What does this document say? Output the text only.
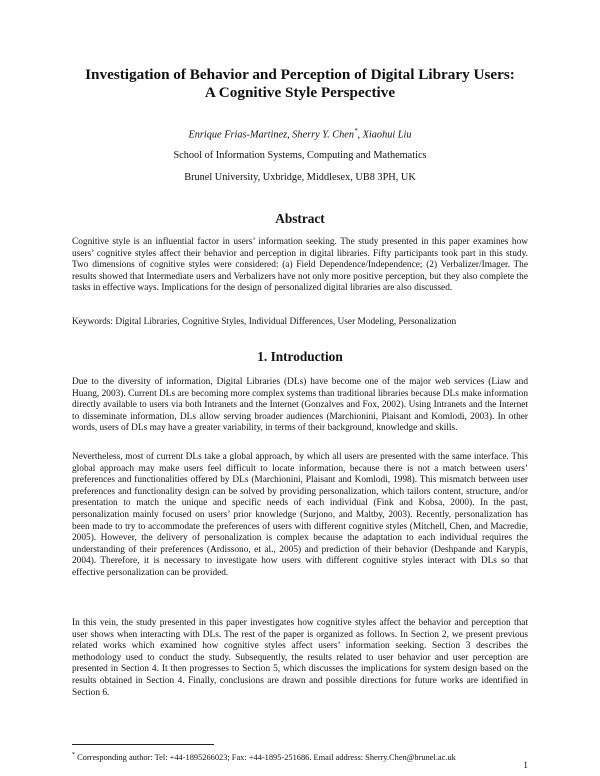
Investigation of Behavior and Perception of Digital Library Users:
A Cognitive Style Perspective
Enrique Frias-Martinez, Sherry Y. Chen*, Xiaohui Liu
School of Information Systems, Computing and Mathematics
Brunel University, Uxbridge, Middlesex, UB8 3PH, UK
Abstract
Cognitive style is an influential factor in users’ information seeking. The study presented in this paper examines how users’ cognitive styles affect their behavior and perception in digital libraries. Fifty participants took part in this study. Two dimensions of cognitive styles were considered: (a) Field Dependence/Independence; (2) Verbalizer/Imager. The results showed that Intermediate users and Verbalizers have not only more positive perception, but they also complete the tasks in effective ways. Implications for the design of personalized digital libraries are also discussed.
Keywords: Digital Libraries, Cognitive Styles, Individual Differences, User Modeling, Personalization
1. Introduction
Due to the diversity of information, Digital Libraries (DLs) have become one of the major web services (Liaw and Huang, 2003). Current DLs are becoming more complex systems than traditional libraries because DLs make information directly available to users via both Intranets and the Internet (Gonzalves and Fox, 2002). Using Intranets and the Internet to disseminate information, DLs allow serving broader audiences (Marchionini, Plaisant and Komlodi, 2003). In other words, users of DLs may have a greater variability, in terms of their background, knowledge and skills.
Nevertheless, most of current DLs take a global approach, by which all users are presented with the same interface. This global approach may make users feel difficult to locate information, because there is not a match between users’ preferences and functionalities offered by DLs (Marchionini, Plaisant and Komlodi, 1998). This mismatch between user preferences and functionality design can be solved by providing personalization, which tailors content, structure, and/or presentation to match the unique and specific needs of each individual (Fink and Kobsa, 2000). In the past, personalization mainly focused on users’ prior knowledge (Surjono, and Maltby, 2003). Recently, personalization has been made to try to accommodate the preferences of users with different cognitive styles (Mitchell, Chen, and Macredie, 2005). However, the delivery of personalization is complex because the adaptation to each individual requires the understanding of their preferences (Ardissono, et al., 2005) and prediction of their behavior (Deshpande and Karypis, 2004). Therefore, it is necessary to investigate how users with different cognitive styles interact with DLs so that effective personalization can be provided.
In this vein, the study presented in this paper investigates how cognitive styles affect the behavior and perception that user shows when interacting with DLs. The rest of the paper is organized as follows. In Section 2, we present previous related works which examined how cognitive styles affect users’ information seeking. Section 3 describes the methodology used to conduct the study. Subsequently, the results related to user behavior and user perception are presented in Section 4. It then progresses to Section 5, which discusses the implications for system design based on the results obtained in Section 4. Finally, conclusions are drawn and possible directions for future works are identified in Section 6.
* Corresponding author: Tel: +44-1895266023; Fax: +44-1895-251686. Email address: Sherry.Chen@brunel.ac.uk
1
